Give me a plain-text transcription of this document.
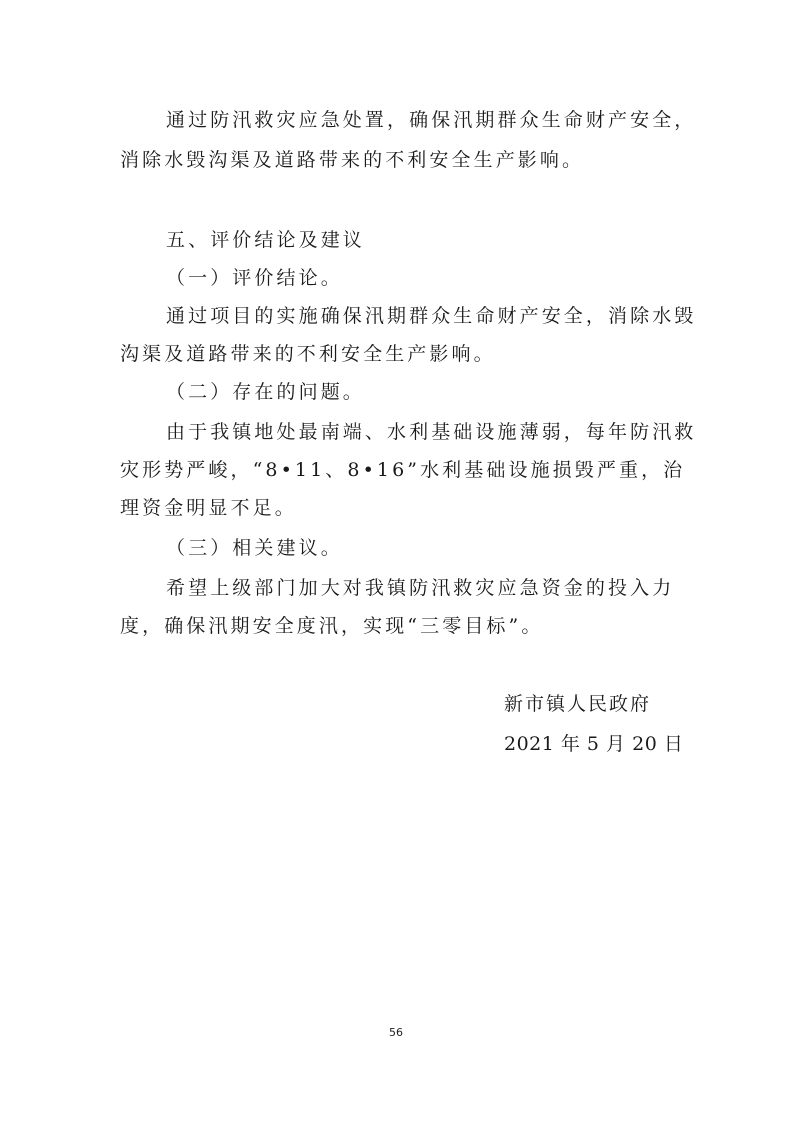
通过防汛救灾应急处置，确保汛期群众生命财产安全，
消除水毁沟渠及道路带来的不利安全生产影响。
五、评价结论及建议
（一）评价结论。
通过项目的实施确保汛期群众生命财产安全，消除水毁
沟渠及道路带来的不利安全生产影响。
（二）存在的问题。
由于我镇地处最南端、水利基础设施薄弱，每年防汛救
灾形势严峻，“8•11、8•16”水利基础设施损毁严重，治
理资金明显不足。
（三）相关建议。
希望上级部门加大对我镇防汛救灾应急资金的投入力
度，确保汛期安全度汛，实现“三零目标”。
新市镇人民政府
2021 年 5 月 20 日
56
